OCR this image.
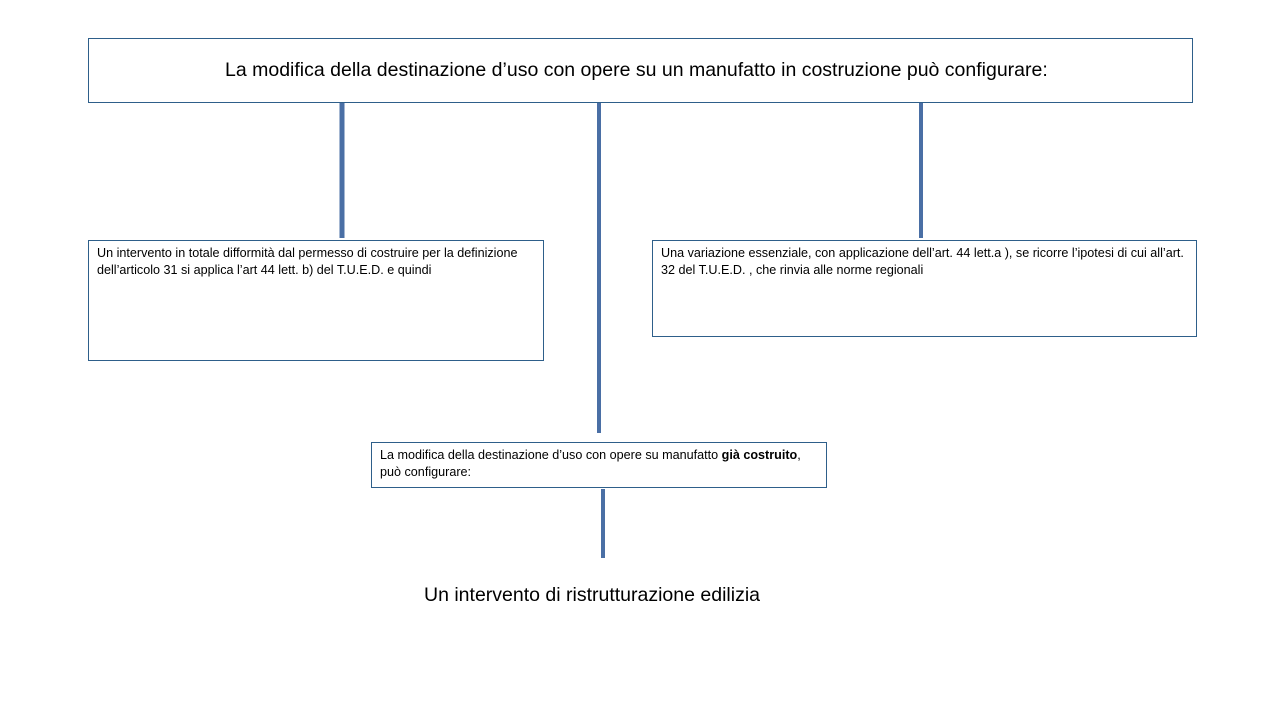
La modifica della destinazione d’uso con opere su un manufatto in costruzione può configurare:
Un intervento in totale difformità dal permesso di costruire per la definizione dell’articolo 31 si applica l’art 44 lett. b) del T.U.E.D. e quindi
Una variazione essenziale, con applicazione dell’art. 44 lett.a ), se ricorre l’ipotesi di cui all’art. 32 del T.U.E.D. , che rinvia alle norme regionali
La modifica della destinazione d’uso con opere su manufatto già costruito, può configurare:
Un intervento di ristrutturazione edilizia
